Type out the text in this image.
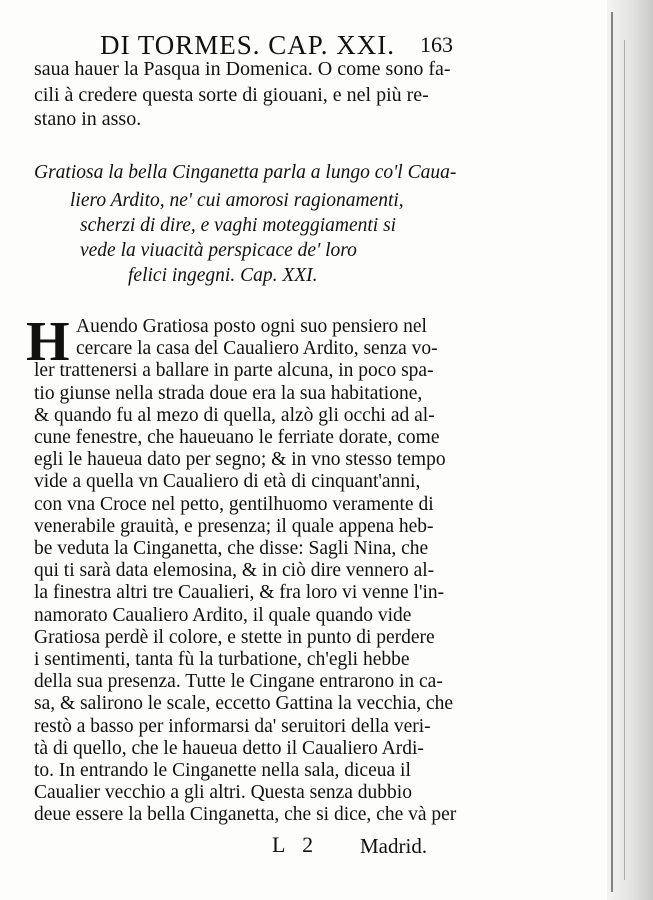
DI TORMES. CAP. XXI. 163
saua hauer la Pasqua in Domenica. O come sono fa-
cili à credere questa sorte di giouani, e nel più re-
stano in asso.
Gratiosa la bella Cinganetta parla a lungo co'l Caua-
liero Ardito, ne' cui amorosi ragionamenti,
scherzi di dire, e vaghi moteggiamenti si
vede la viuacità perspicace de' loro
felici ingegni. Cap. XXI.
H Auendo Gratiosa posto ogni suo pensiero nel
cercare la casa del Caualiero Ardito, senza vo-
ler trattenersi a ballare in parte alcuna, in poco spa-
tio giunse nella strada doue era la sua habitatione,
& quando fu al mezo di quella, alzò gli occhi ad al-
cune fenestre, che haueuano le ferriate dorate, come
egli le haueua dato per segno; & in vno stesso tempo
vide a quella vn Caualiero di età di cinquant'anni,
con vna Croce nel petto, gentilhuomo veramente di
venerabile grauità, e presenza; il quale appena heb-
be veduta la Cinganetta, che disse: Sagli Nina, che
qui ti sarà data elemosina, & in ciò dire vennero al-
la finestra altri tre Caualieri, & fra loro vi venne l'in-
namorato Caualiero Ardito, il quale quando vide
Gratiosa perdè il colore, e stette in punto di perdere
i sentimenti, tanta fù la turbatione, ch'egli hebbe
della sua presenza. Tutte le Cingane entrarono in ca-
sa, & salirono le scale, eccetto Gattina la vecchia, che
restò a basso per informarsi da' seruitori della veri-
tà di quello, che le haueua detto il Caualiero Ardi-
to. In entrando le Cinganette nella sala, diceua il
Caualier vecchio a gli altri. Questa senza dubbio
deue essere la bella Cinganetta, che si dice, che và per
L 2 Madrid.
